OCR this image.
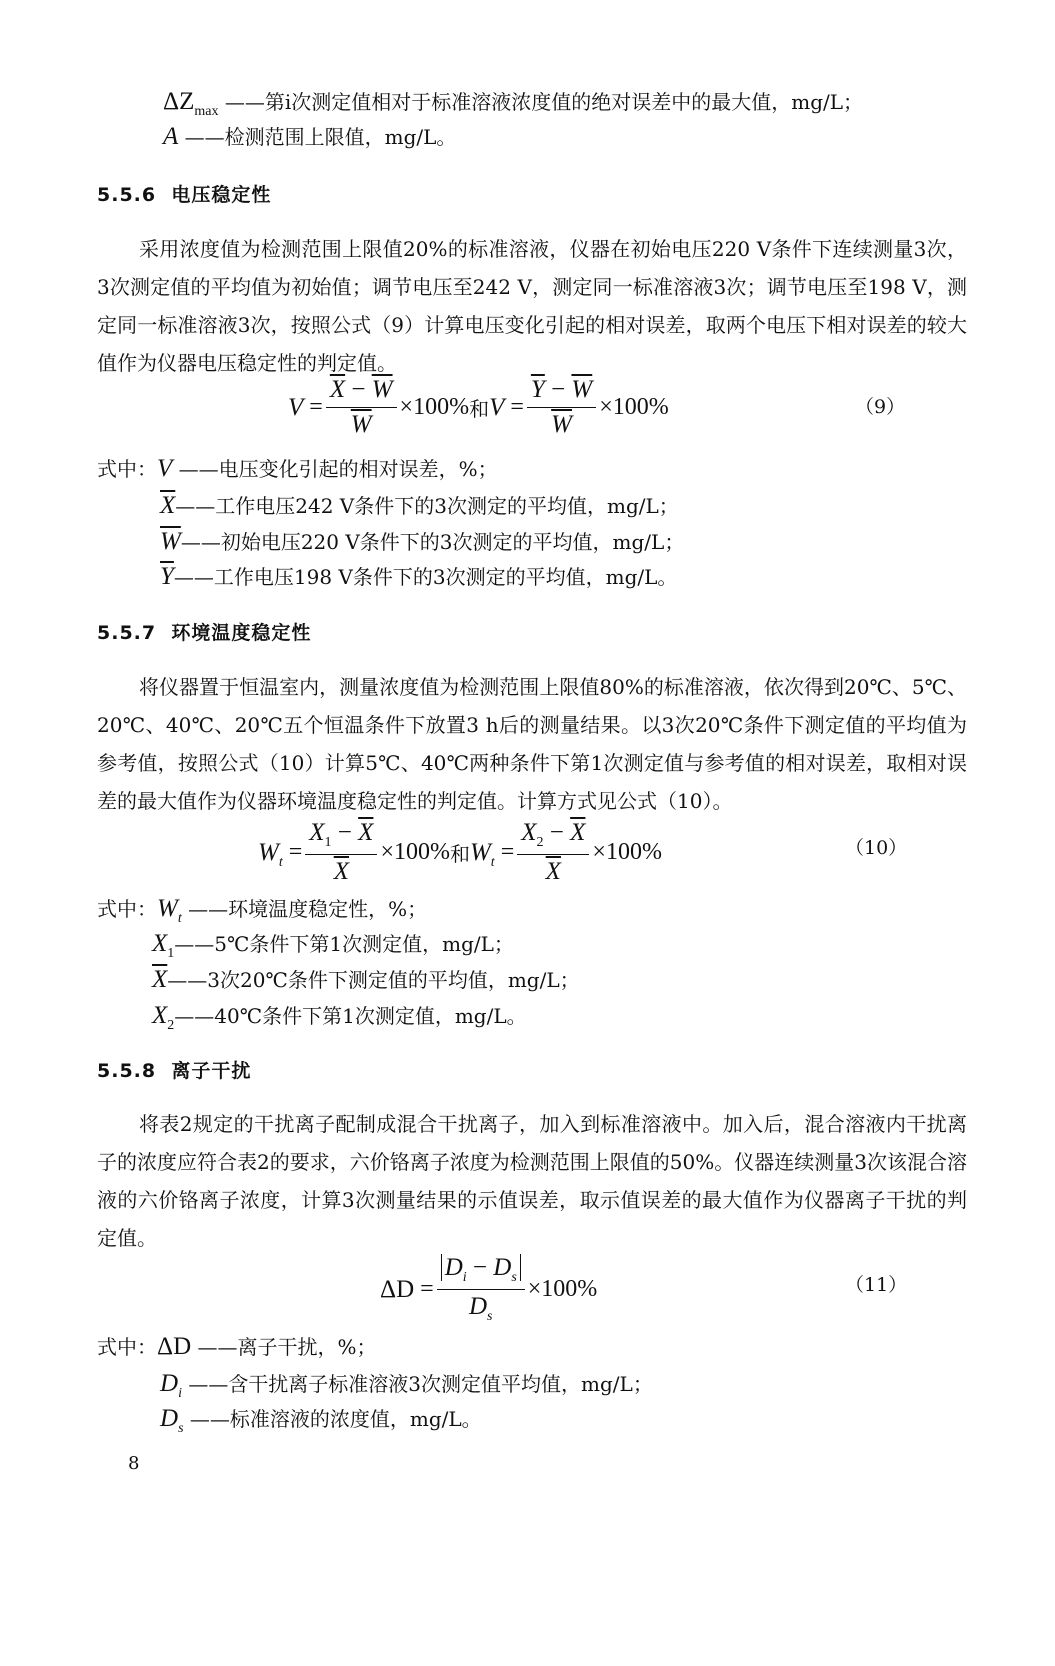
$\Delta Z_{max}$ ——第i次测定值相对于标准溶液浓度值的绝对误差中的最大值，mg/L；
A ——检测范围上限值，mg/L。
5.5.6 电压稳定性
采用浓度值为检测范围上限值20%的标准溶液，仪器在初始电压220 V条件下连续测量3次，3次测定值的平均值为初始值；调节电压至242 V，测定同一标准溶液3次；调节电压至198 V，测定同一标准溶液3次，按照公式（9）计算电压变化引起的相对误差，取两个电压下相对误差的较大值作为仪器电压稳定性的判定值。
$V = \frac{\overline{X} - \overline{W}}{W} \times 100\%$ 和 $V = \frac{\overline{Y} - \overline{W}}{W} \times 100\%$	（9）
式中：V ——电压变化引起的相对误差，%；
$\overline{X}——$工作电压242 V条件下的3次测定的平均值，mg/L；
$\overline{W}——$初始电压220 V条件下的3次测定的平均值，mg/L；
$\overline{Y}——$工作电压198 V条件下的3次测定的平均值，mg/L。
5.5.7 环境温度稳定性
将仪器置于恒温室内，测量浓度值为检测范围上限值80%的标准溶液，依次得到20℃、5℃、20℃、40℃、20℃五个恒温条件下放置3 h后的测量结果。以3次20℃条件下测定值的平均值为参考值，按照公式（10）计算5℃、40℃两种条件下第1次测定值与参考值的相对误差，取相对误差的最大值作为仪器环境温度稳定性的判定值。计算方式见公式（10）。
$W_t = \frac{X_1 - \overline{X}}{X} \times 100\%$ 和 $W_t = \frac{X_2 - \overline{X}}{X} \times 100\%$	（10）
式中：$W_t$ ——环境温度稳定性，%；
$X_1——5℃$条件下第1次测定值，mg/L；
$\overline{X}——3$次20℃条件下测定值的平均值，mg/L；
$X_2——40℃$条件下第1次测定值，mg/L。
5.5.8 离子干扰
将表2规定的干扰离子配制成混合干扰离子，加入到标准溶液中。加入后，混合溶液内干扰离子的浓度应符合表2的要求，六价铬离子浓度为检测范围上限值的50%。仪器连续测量3次该混合溶液的六价铬离子浓度，计算3次测量结果的示值误差，取示值误差的最大值作为仪器离子干扰的判定值。
$\Delta D = \frac{D_i - D_s}{D_s} \times 100\%$	（11）
式中：ΔD ——离子干扰，%；
$D_i$ ——含干扰离子标准溶液3次测定值平均值，mg/L；
$D_s$ ——标准溶液的浓度值，mg/L。
8
